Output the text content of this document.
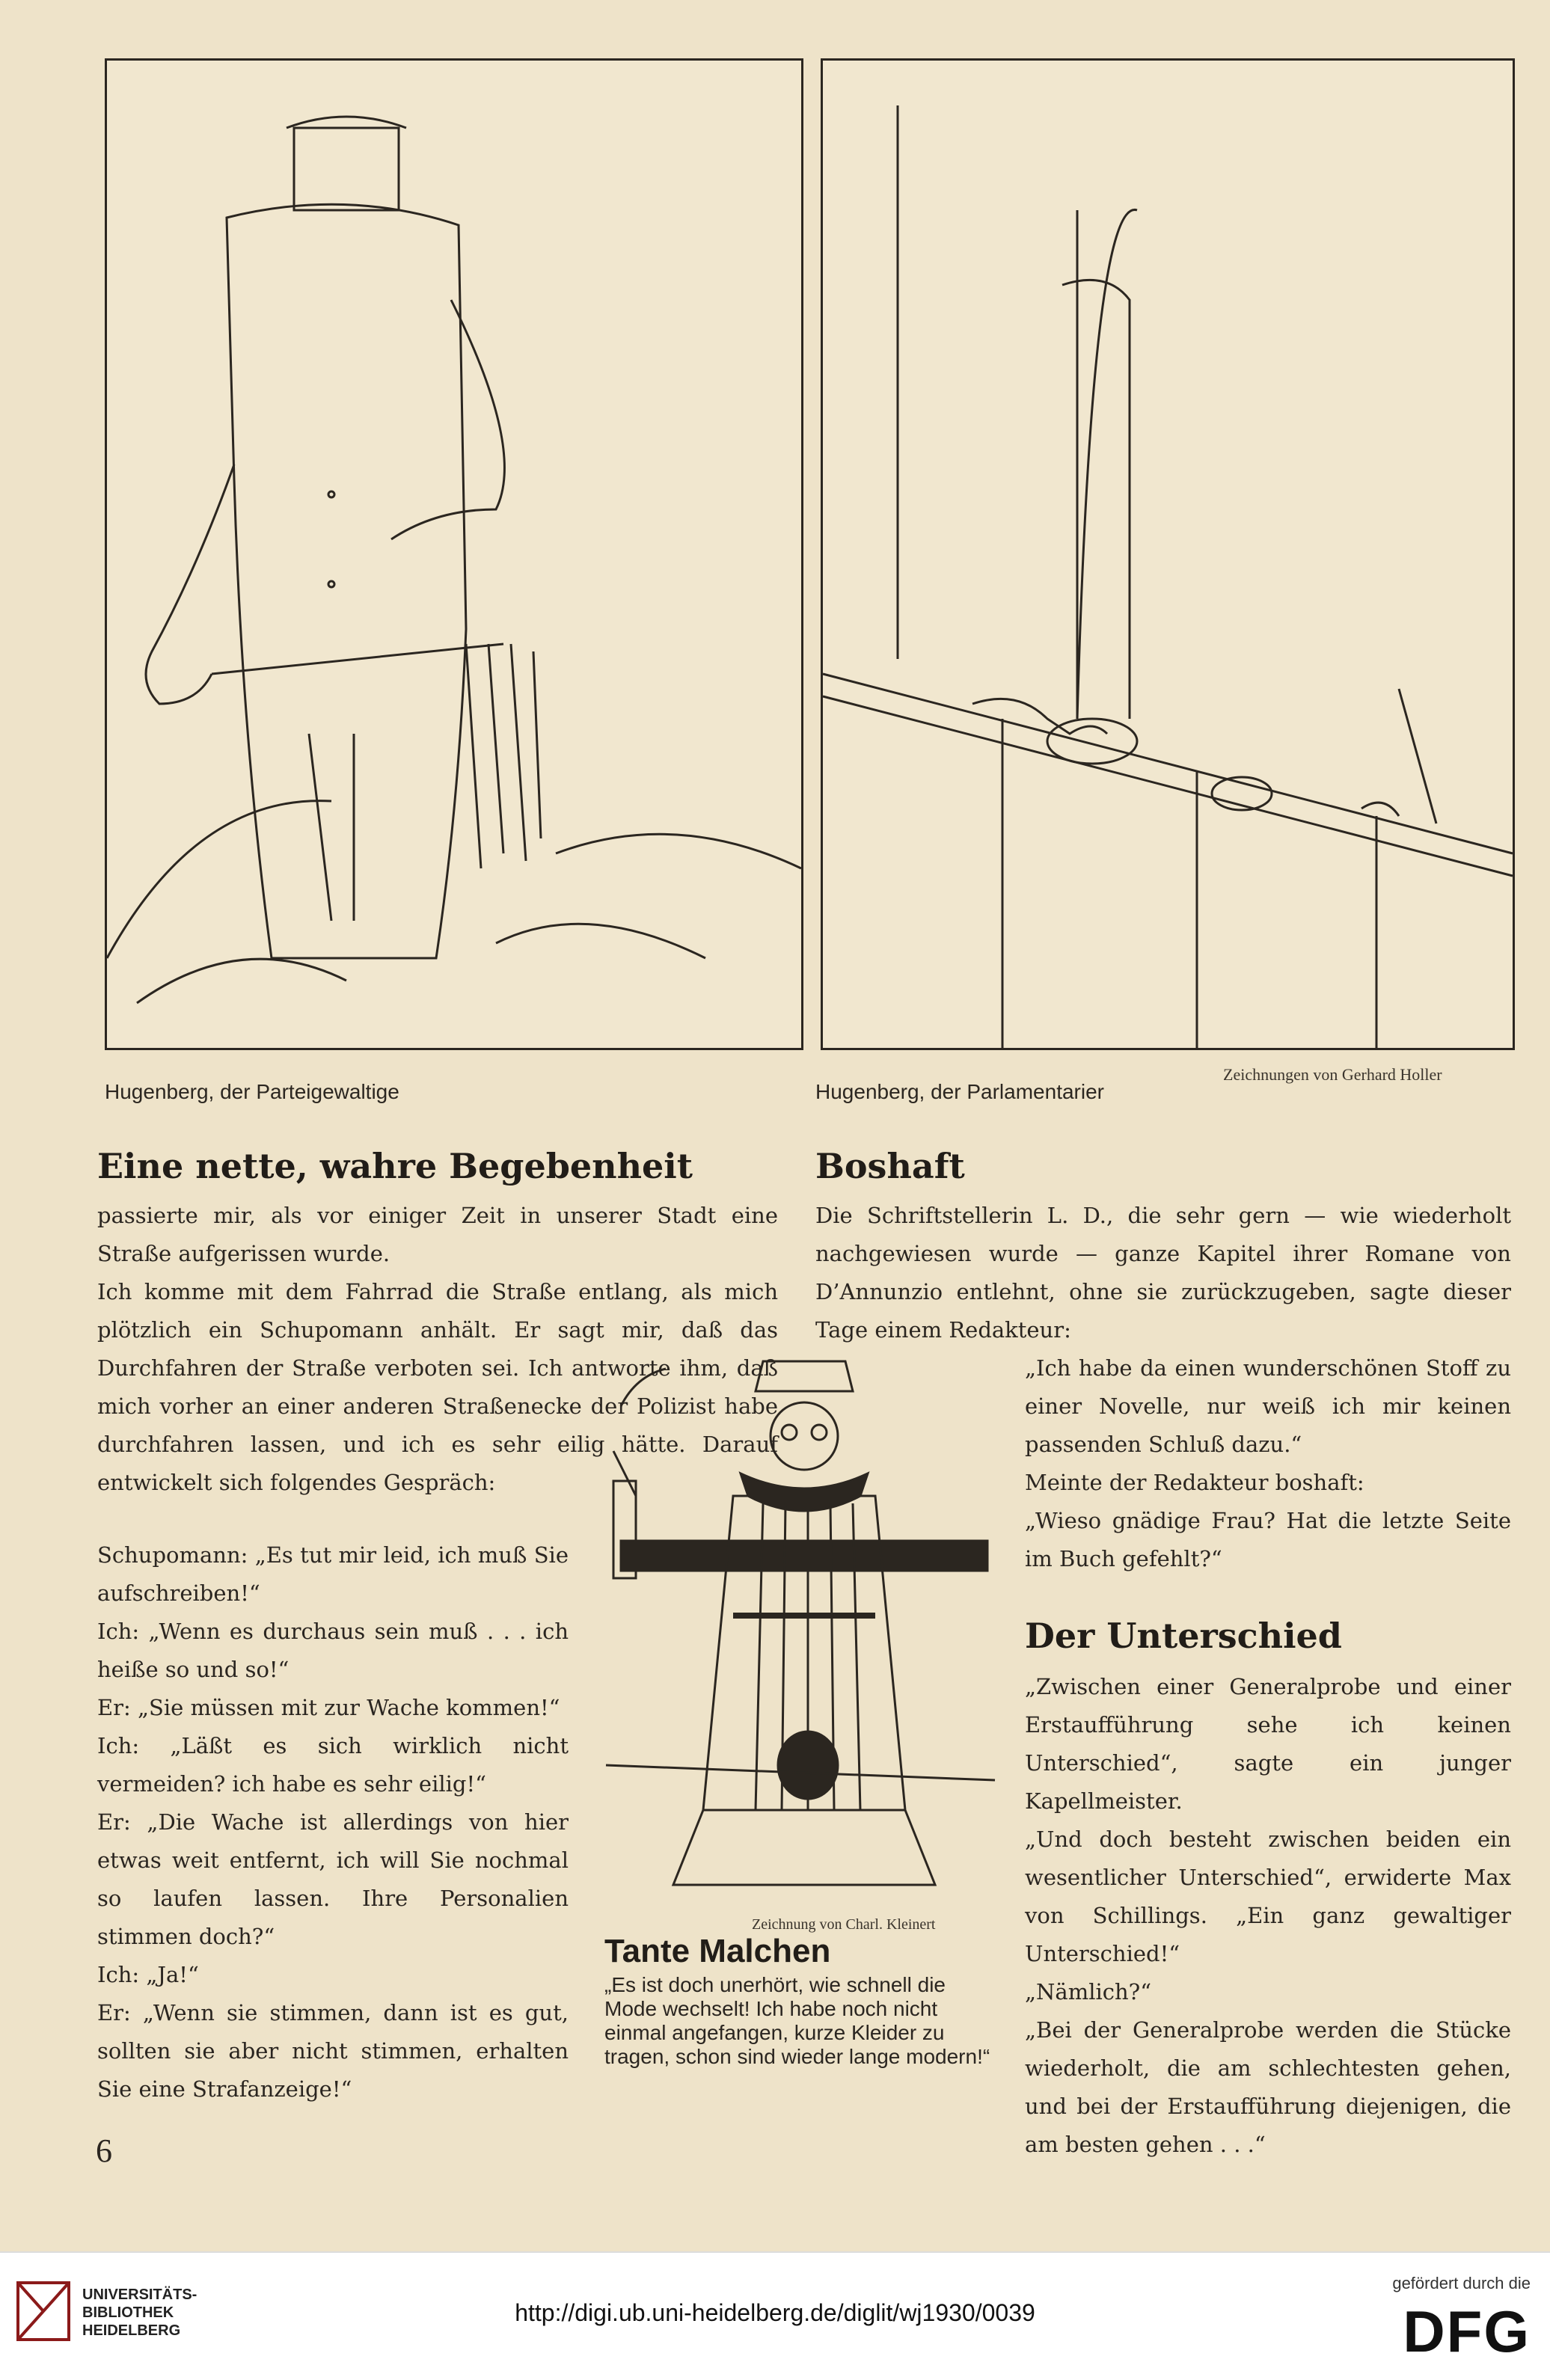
Hugenberg, der Parteigewaltige	Hugenberg, der Parlamentarier
Zeichnungen von Gerhard Holler
Eine nette, wahre Begebenheit

passierte mir, als vor einiger Zeit in unserer Stadt eine Straße aufgerissen wurde.

Ich komme mit dem Fahrrad die Straße entlang, als mich plötzlich ein Schupomann anhält. Er sagt mir, daß das Durchfahren der Straße verboten sei. Ich antworte ihm, daß mich vorher an einer anderen Straßenecke der Polizist habe durchfahren lassen, und ich es sehr eilig hätte. Darauf entwickelt sich folgendes Gespräch:

Schupomann: „Es tut mir leid, ich muß Sie aufschreiben!“

Ich: „Wenn es durchaus sein muß . . . ich heiße so und so!“

Er: „Sie müssen mit zur Wache kommen!“

Ich: „Läßt es sich wirklich nicht vermeiden? ich habe es sehr eilig!“

Er: „Die Wache ist allerdings von hier etwas weit entfernt, ich will Sie nochmal so laufen lassen. Ihre Personalien stimmen doch?“

Ich: „Ja!“

Er: „Wenn sie stimmen, dann ist es gut, sollten sie aber nicht stimmen, erhalten Sie eine Strafanzeige!“

Zeichnung von Charl. Kleinert
Tante Malchen
„Es ist doch unerhört, wie schnell die Mode wechselt! Ich habe noch nicht einmal angefangen, kurze Kleider zu tragen, schon sind wieder lange modern!“
Boshaft

Die Schriftstellerin L. D., die sehr gern — wie wiederholt nachgewiesen wurde — ganze Kapitel ihrer Romane von D’Annunzio entlehnt, ohne sie zurückzugeben, sagte dieser Tage einem Redakteur:

„Ich habe da einen wunderschönen Stoff zu einer Novelle, nur weiß ich mir keinen passenden Schluß dazu.“

Meinte der Redakteur boshaft:

„Wieso gnädige Frau? Hat die letzte Seite im Buch gefehlt?“

Der Unterschied

„Zwischen einer Generalprobe und einer Erstaufführung sehe ich keinen Unterschied“, sagte ein junger Kapellmeister.

„Und doch besteht zwischen beiden ein wesentlicher Unterschied“, erwiderte Max von Schillings. „Ein ganz gewaltiger Unterschied!“

„Nämlich?“

„Bei der Generalprobe werden die Stücke wiederholt, die am schlechtesten gehen, und bei der Erstaufführung diejenigen, die am besten gehen . . .“

6
UNIVERSITÄTS-
BIBLIOTHEK
HEIDELBERG
http://digi.ub.uni-heidelberg.de/diglit/wj1930/0039
gefördert durch die
DFG
